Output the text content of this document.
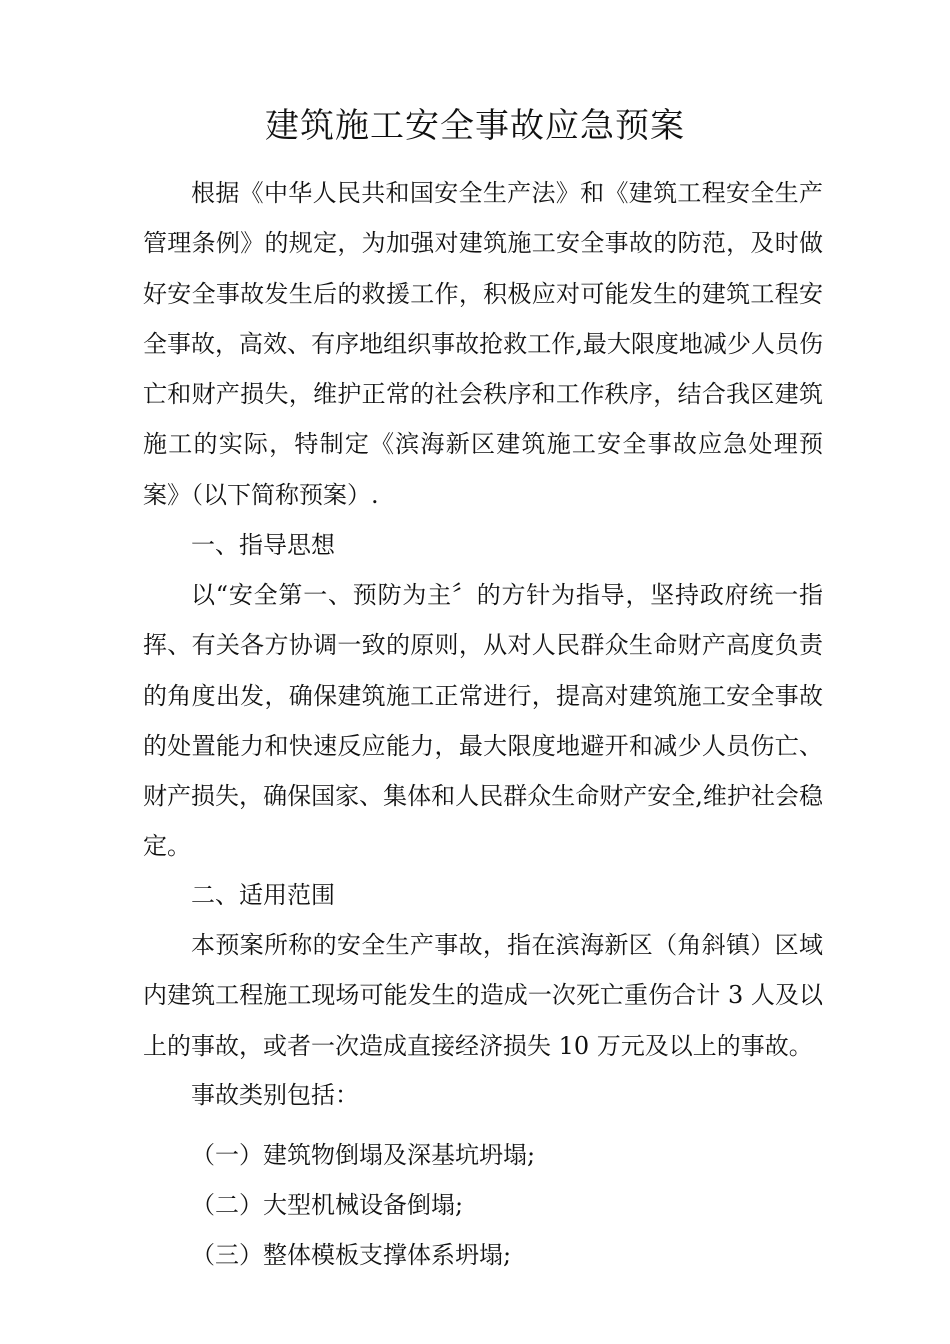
建筑施工安全事故应急预案
根据《中华人民共和国安全生产法》和《建筑工程安全生产管理条例》的规定，为加强对建筑施工安全事故的防范，及时做好安全事故发生后的救援工作，积极应对可能发生的建筑工程安全事故，高效、有序地组织事故抢救工作,最大限度地减少人员伤亡和财产损失，维护正常的社会秩序和工作秩序，结合我区建筑施工的实际，特制定《滨海新区建筑施工安全事故应急处理预案》（以下简称预案）.
一、指导思想
以“安全第一、预防为主〞的方针为指导，坚持政府统一指挥、有关各方协调一致的原则，从对人民群众生命财产高度负责的角度出发，确保建筑施工正常进行，提高对建筑施工安全事故的处置能力和快速反应能力，最大限度地避开和减少人员伤亡、财产损失，确保国家、集体和人民群众生命财产安全,维护社会稳定。
二、适用范围
本预案所称的安全生产事故，指在滨海新区（角斜镇）区域内建筑工程施工现场可能发生的造成一次死亡重伤合计 3 人及以上的事故，或者一次造成直接经济损失 10 万元及以上的事故。
事故类别包括：
（一）建筑物倒塌及深基坑坍塌;
（二）大型机械设备倒塌;
（三）整体模板支撑体系坍塌;
